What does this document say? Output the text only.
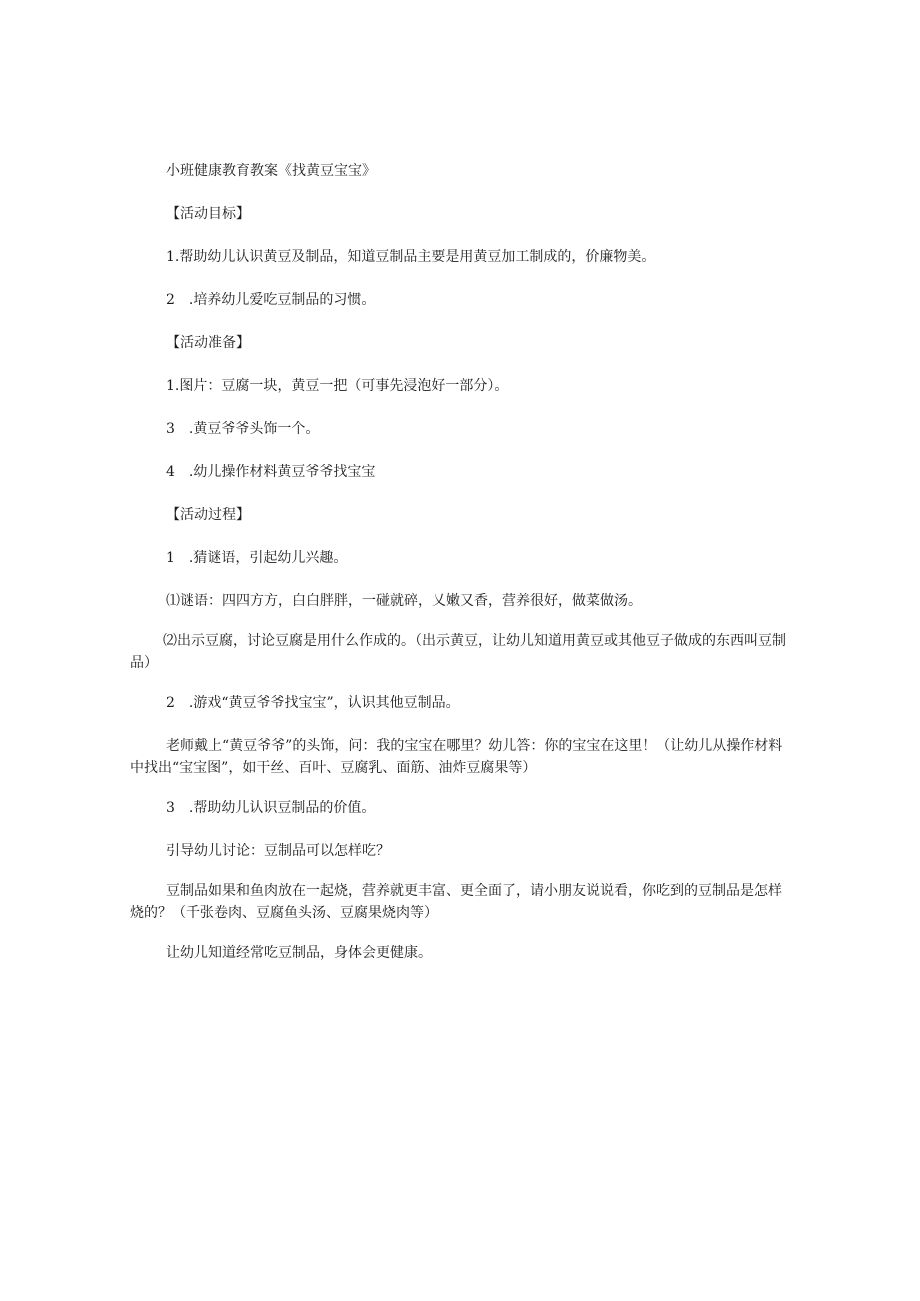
小班健康教育教案《找黄豆宝宝》
【活动目标】
1.帮助幼儿认识黄豆及制品，知道豆制品主要是用黄豆加工制成的，价廉物美。
2　.培养幼儿爱吃豆制品的习惯。
【活动准备】
1.图片：豆腐一块，黄豆一把（可事先浸泡好一部分）。
3　.黄豆爷爷头饰一个。
4　.幼儿操作材料黄豆爷爷找宝宝
【活动过程】
1　.猜谜语，引起幼儿兴趣。
⑴谜语：四四方方，白白胖胖，一碰就碎，乂嫩又香，营养很好，做菜做汤。
⑵出示豆腐，讨论豆腐是用什么作成的。（出示黄豆，让幼儿知道用黄豆或其他豆子做成的东西叫豆制品）
2　.游戏“黄豆爷爷找宝宝”，认识其他豆制品。
老师戴上“黄豆爷爷”的头饰，问：我的宝宝在哪里？幼儿答：你的宝宝在这里！（让幼儿从操作材料中找出“宝宝图”，如干丝、百叶、豆腐乳、面筋、油炸豆腐果等）
3　.帮助幼儿认识豆制品的价值。
引导幼儿讨论：豆制品可以怎样吃？
豆制品如果和鱼肉放在一起烧，营养就更丰富、更全面了，请小朋友说说看，你吃到的豆制品是怎样烧的？（千张卷肉、豆腐鱼头汤、豆腐果烧肉等）
让幼儿知道经常吃豆制品，身体会更健康。
